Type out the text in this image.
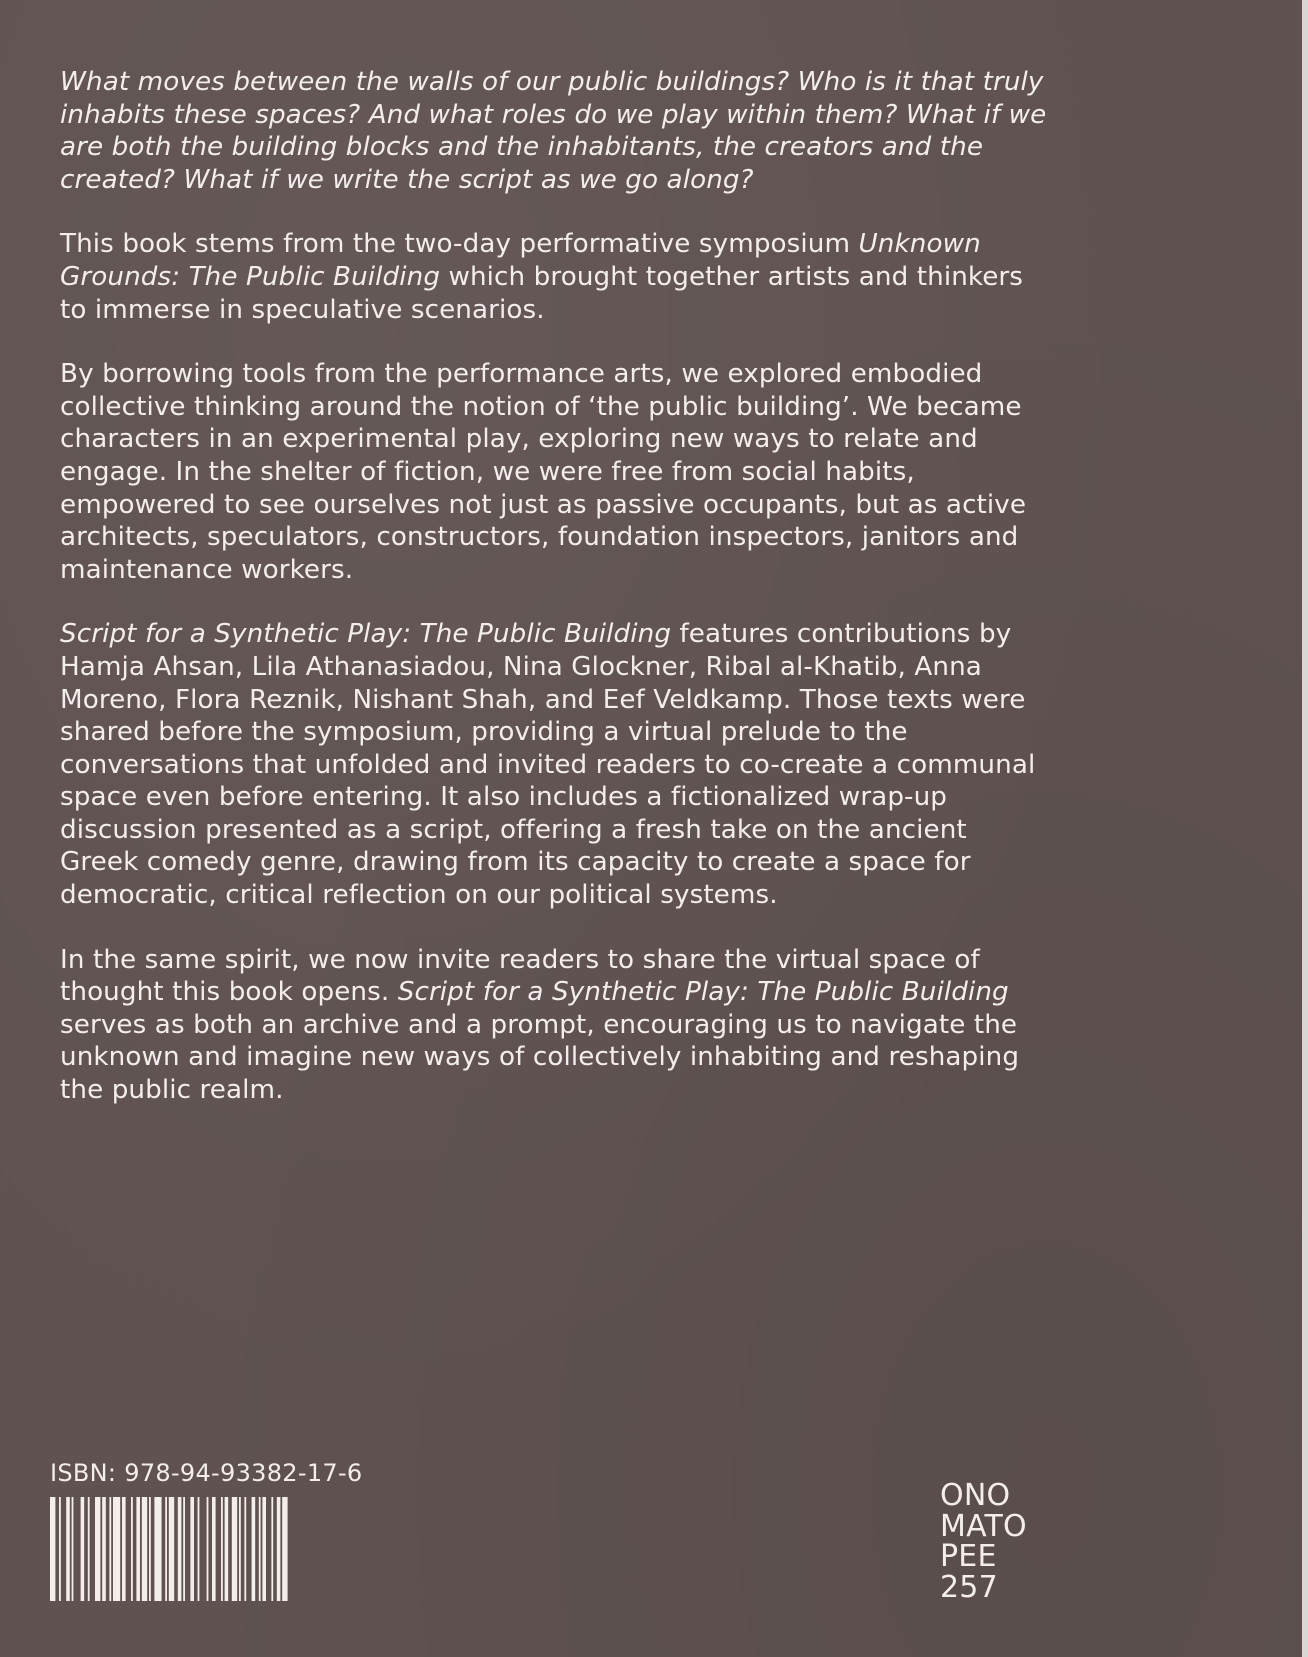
What moves between the walls of our public buildings? Who is it that truly inhabits these spaces? And what roles do we play within them? What if we are both the building blocks and the inhabitants, the creators and the created? What if we write the script as we go along?

This book stems from the two-day performative symposium Unknown Grounds: The Public Building which brought together artists and thinkers to immerse in speculative scenarios.

By borrowing tools from the performance arts, we explored embodied collective thinking around the notion of ‘the public building’. We became characters in an experimental play, exploring new ways to relate and engage. In the shelter of fiction, we were free from social habits, empowered to see ourselves not just as passive occupants, but as active architects, speculators, constructors, foundation inspectors, janitors and maintenance workers.

Script for a Synthetic Play: The Public Building features contributions by Hamja Ahsan, Lila Athanasiadou, Nina Glockner, Ribal al-Khatib, Anna Moreno, Flora Reznik, Nishant Shah, and Eef Veldkamp. Those texts were shared before the symposium, providing a virtual prelude to the conversations that unfolded and invited readers to co-create a communal space even before entering. It also includes a fictionalized wrap-up discussion presented as a script, offering a fresh take on the ancient Greek comedy genre, drawing from its capacity to create a space for democratic, critical reflection on our political systems.

In the same spirit, we now invite readers to share the virtual space of thought this book opens. Script for a Synthetic Play: The Public Building serves as both an archive and a prompt, encouraging us to navigate the unknown and imagine new ways of collectively inhabiting and reshaping the public realm.

ISBN: 978-94-93382-17-6
ONO
MATO
PEE
257
